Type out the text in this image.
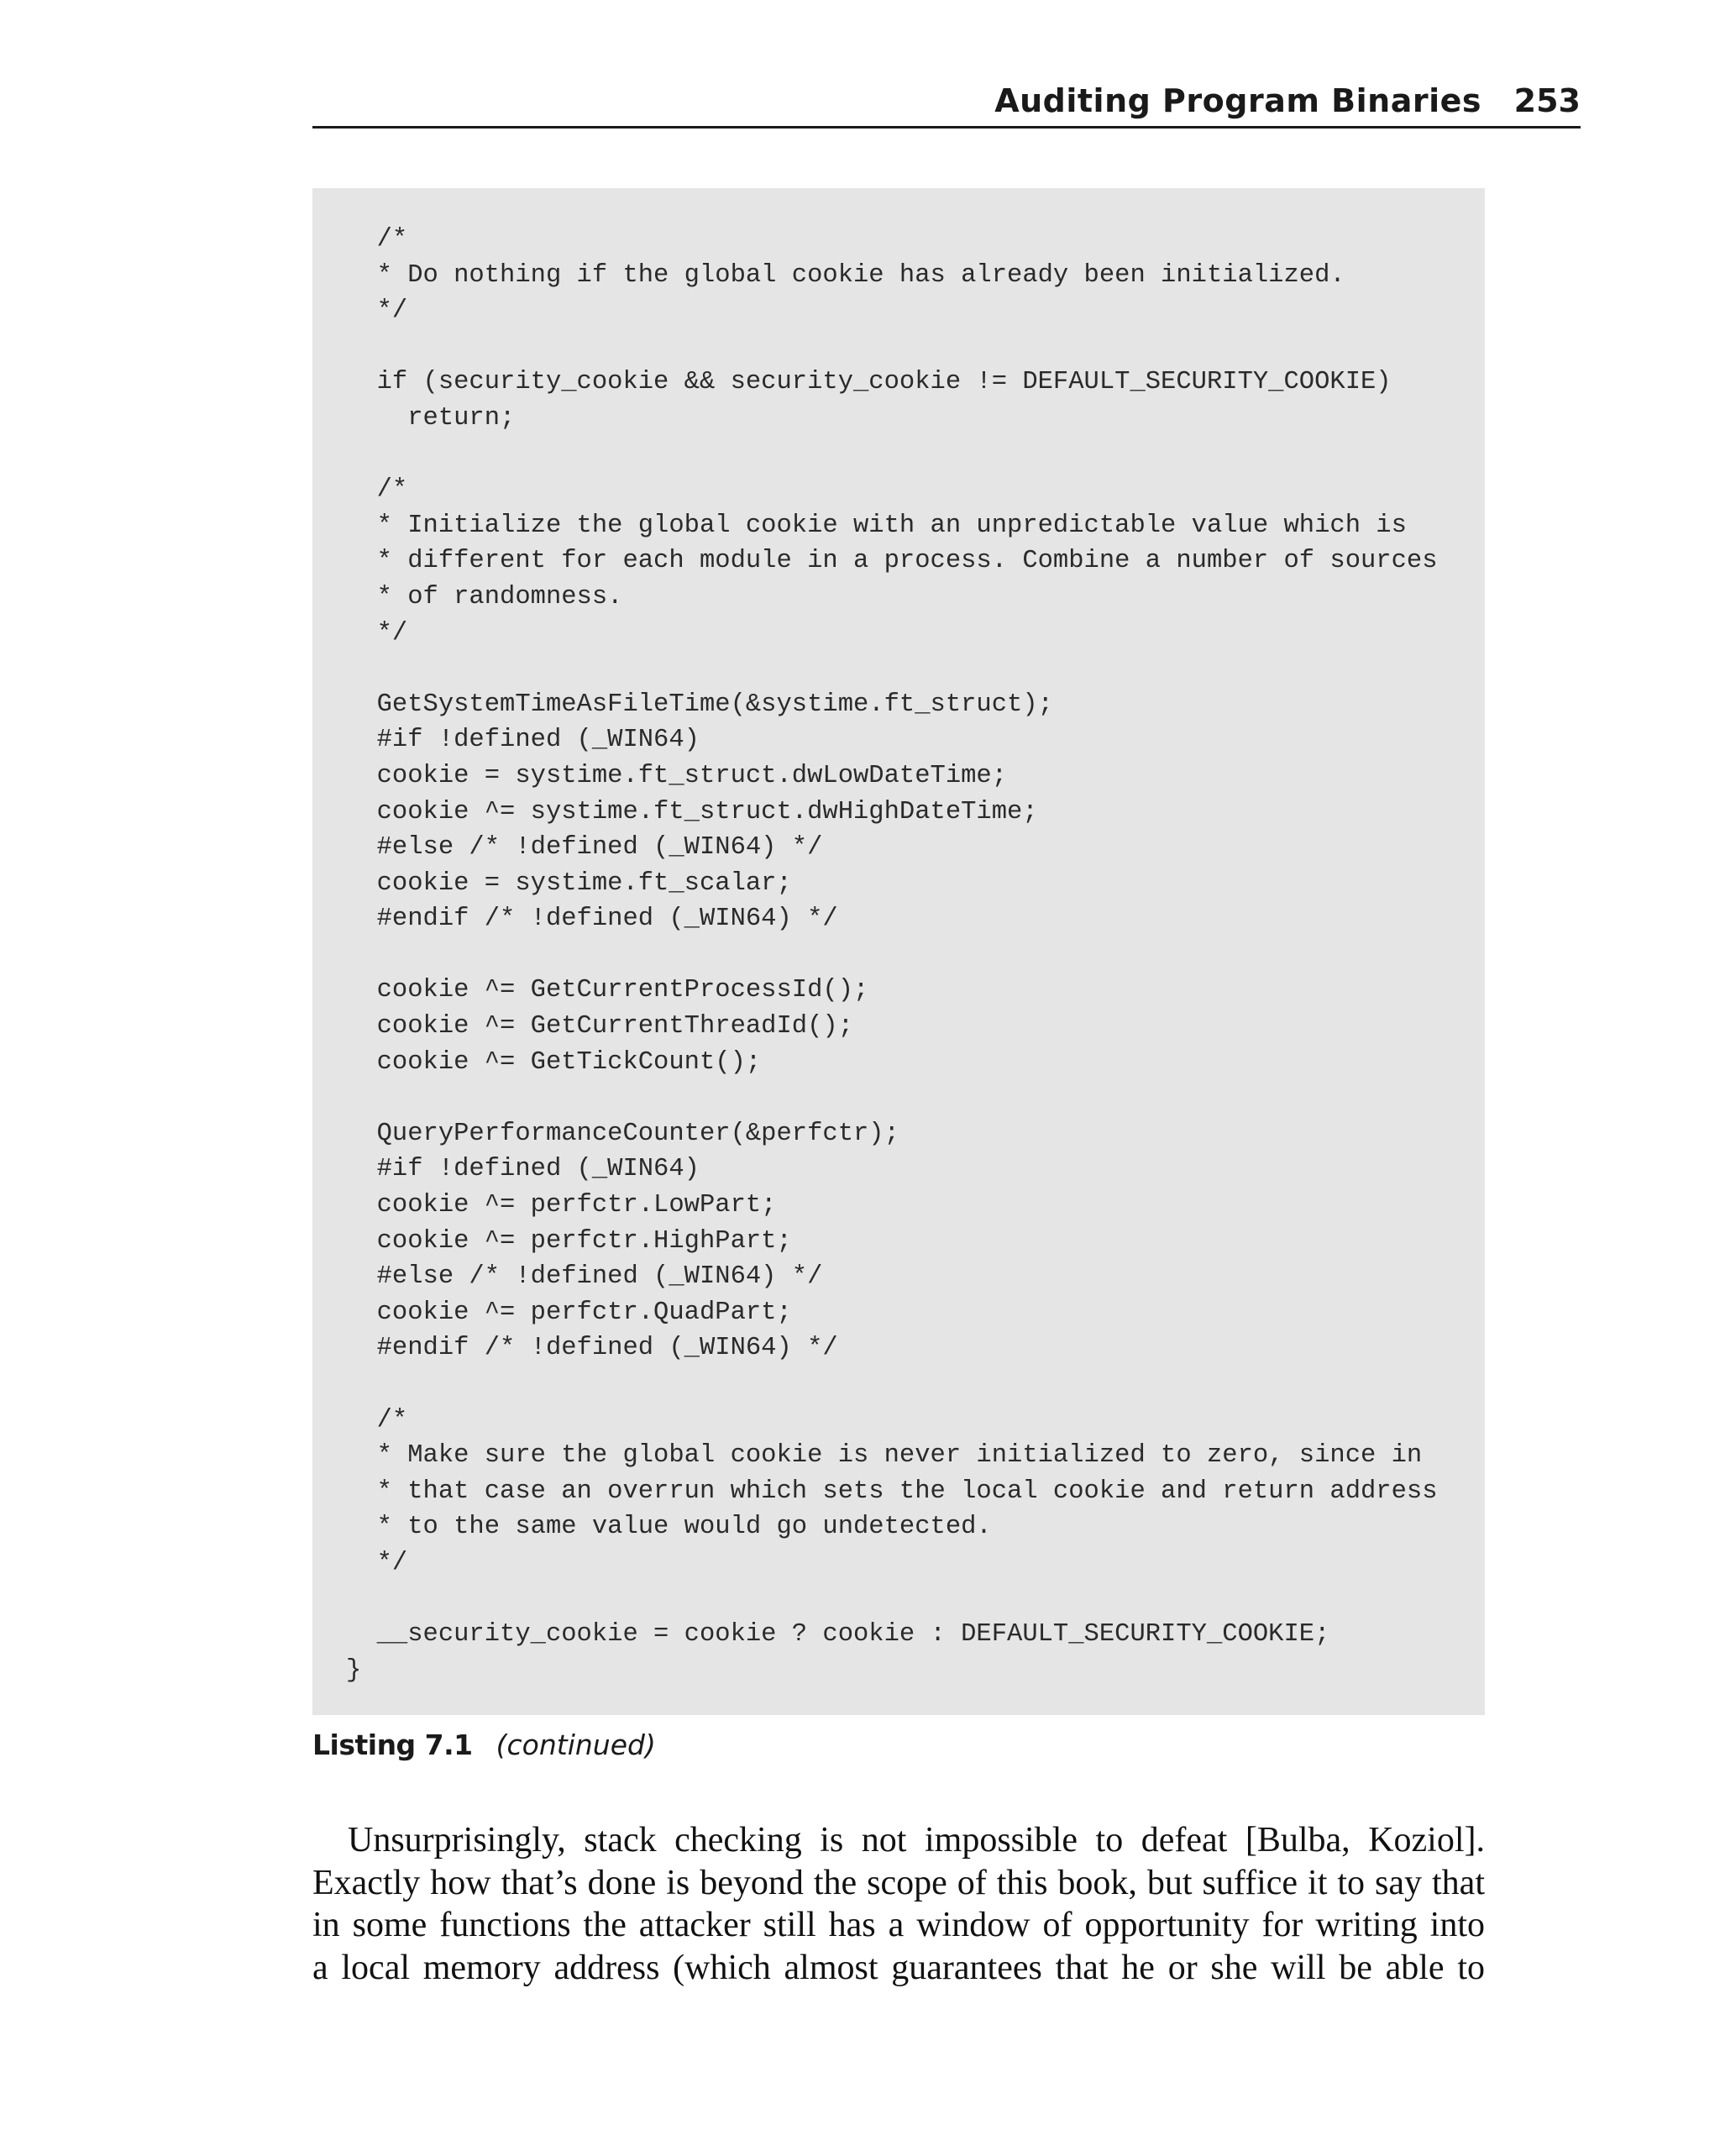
Auditing Program Binaries 253
/*
* Do nothing if the global cookie has already been initialized.
*/

if (security_cookie && security_cookie != DEFAULT_SECURITY_COOKIE)
return;

/*
* Initialize the global cookie with an unpredictable value which is
* different for each module in a process. Combine a number of sources
* of randomness.
*/

GetSystemTimeAsFileTime(&systime.ft_struct);
#if !defined (_WIN64)
cookie = systime.ft_struct.dwLowDateTime;
cookie ^= systime.ft_struct.dwHighDateTime;
#else /* !defined (_WIN64) */
cookie = systime.ft_scalar;
#endif /* !defined (_WIN64) */

cookie ^= GetCurrentProcessId();
cookie ^= GetCurrentThreadId();
cookie ^= GetTickCount();

QueryPerformanceCounter(&perfctr);
#if !defined (_WIN64)
cookie ^= perfctr.LowPart;
cookie ^= perfctr.HighPart;
#else /* !defined (_WIN64) */
cookie ^= perfctr.QuadPart;
#endif /* !defined (_WIN64) */

/*
* Make sure the global cookie is never initialized to zero, since in
* that case an overrun which sets the local cookie and return address
* to the same value would go undetected.
*/

__security_cookie = cookie ? cookie : DEFAULT_SECURITY_COOKIE;
}
Listing 7.1 (continued)
Unsurprisingly, stack checking is not impossible to defeat [Bulba, Koziol].
Exactly how that’s done is beyond the scope of this book, but suffice it to say that
in some functions the attacker still has a window of opportunity for writing into
a local memory address (which almost guarantees that he or she will be able to
